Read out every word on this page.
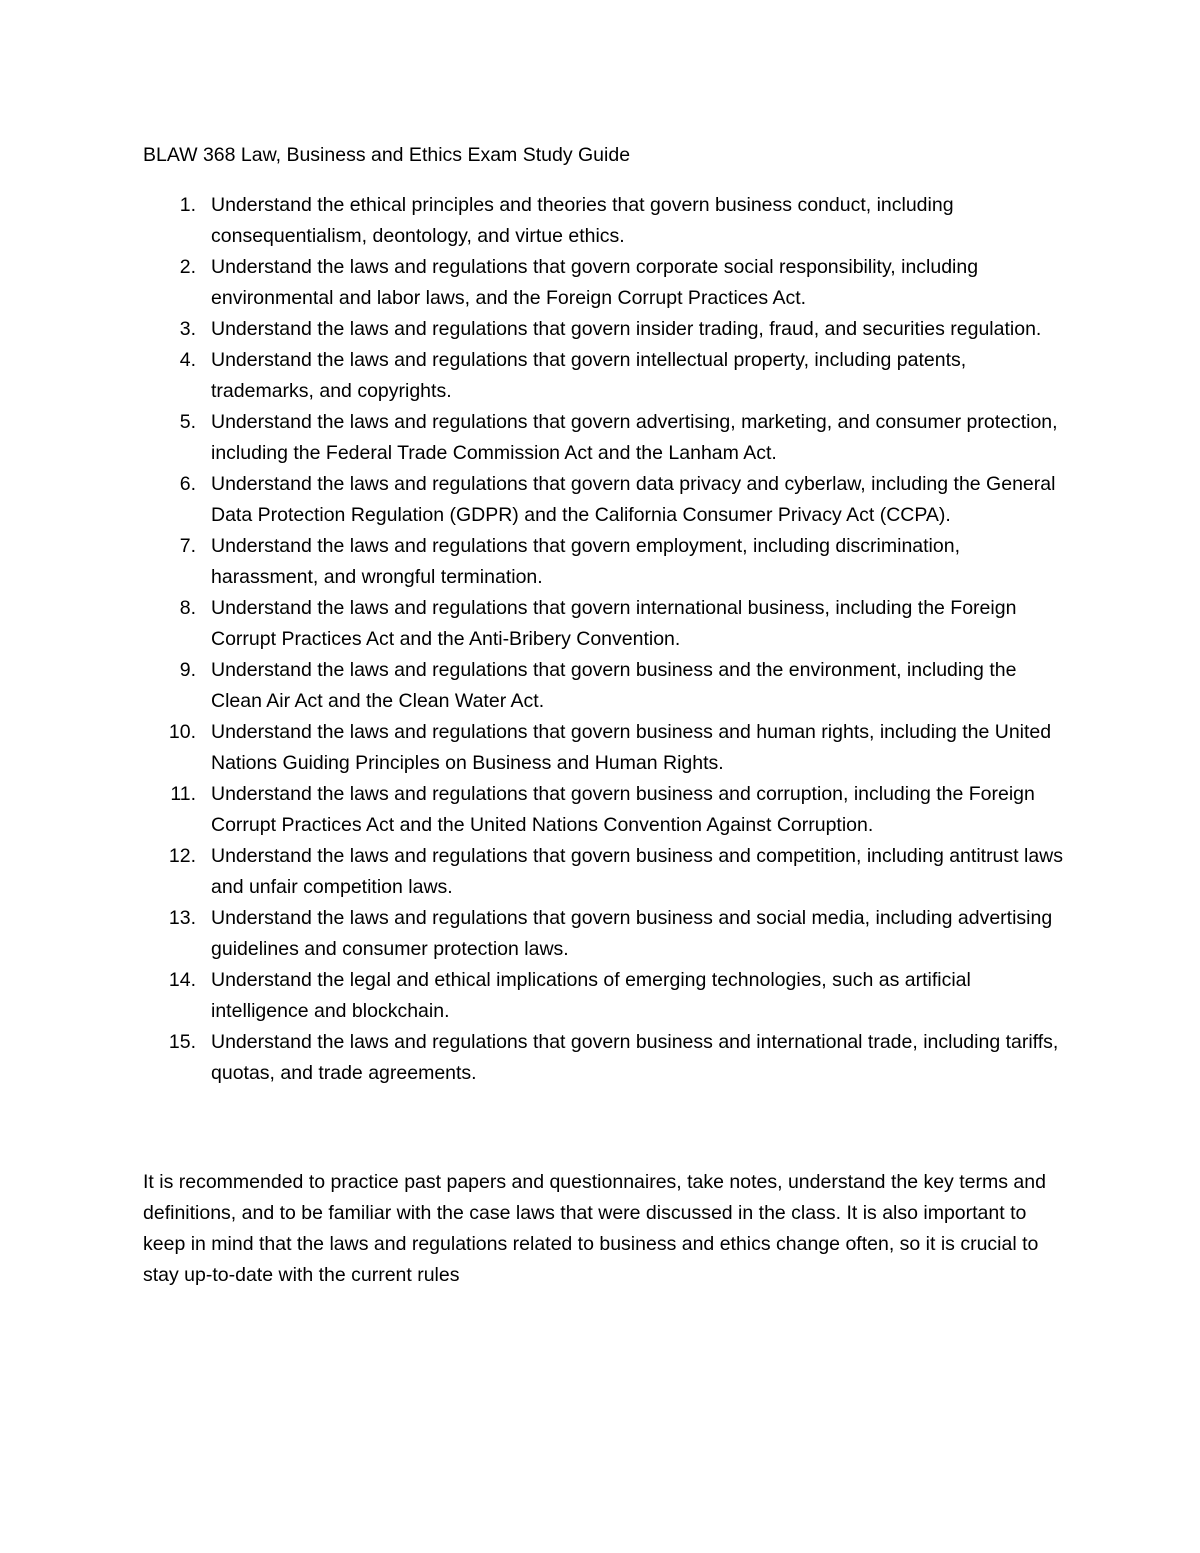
BLAW 368 Law, Business and Ethics Exam Study Guide
1. Understand the ethical principles and theories that govern business conduct, including consequentialism, deontology, and virtue ethics.
2. Understand the laws and regulations that govern corporate social responsibility, including environmental and labor laws, and the Foreign Corrupt Practices Act.
3. Understand the laws and regulations that govern insider trading, fraud, and securities regulation.
4. Understand the laws and regulations that govern intellectual property, including patents, trademarks, and copyrights.
5. Understand the laws and regulations that govern advertising, marketing, and consumer protection, including the Federal Trade Commission Act and the Lanham Act.
6. Understand the laws and regulations that govern data privacy and cyberlaw, including the General Data Protection Regulation (GDPR) and the California Consumer Privacy Act (CCPA).
7. Understand the laws and regulations that govern employment, including discrimination, harassment, and wrongful termination.
8. Understand the laws and regulations that govern international business, including the Foreign Corrupt Practices Act and the Anti-Bribery Convention.
9. Understand the laws and regulations that govern business and the environment, including the Clean Air Act and the Clean Water Act.
10. Understand the laws and regulations that govern business and human rights, including the United Nations Guiding Principles on Business and Human Rights.
11. Understand the laws and regulations that govern business and corruption, including the Foreign Corrupt Practices Act and the United Nations Convention Against Corruption.
12. Understand the laws and regulations that govern business and competition, including antitrust laws and unfair competition laws.
13. Understand the laws and regulations that govern business and social media, including advertising guidelines and consumer protection laws.
14. Understand the legal and ethical implications of emerging technologies, such as artificial intelligence and blockchain.
15. Understand the laws and regulations that govern business and international trade, including tariffs, quotas, and trade agreements.

It is recommended to practice past papers and questionnaires, take notes, understand the key terms and definitions, and to be familiar with the case laws that were discussed in the class. It is also important to keep in mind that the laws and regulations related to business and ethics change often, so it is crucial to stay up-to-date with the current rules
